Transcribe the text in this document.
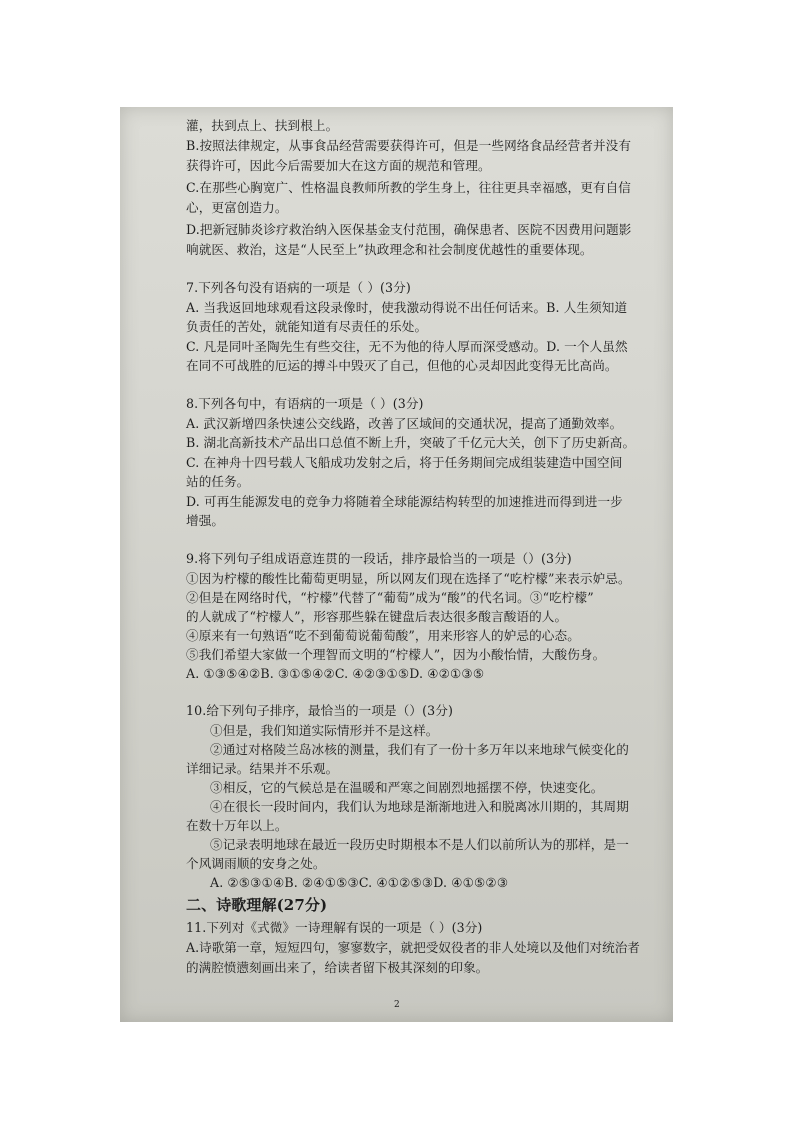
灌，扶到点上、扶到根上。
B.按照法律规定，从事食品经营需要获得许可，但是一些网络食品经营者并没有
获得许可，因此今后需要加大在这方面的规范和管理。
C.在那些心胸宽广、性格温良教师所教的学生身上，往往更具幸福感，更有自信
心，更富创造力。
D.把新冠肺炎诊疗救治纳入医保基金支付范围，确保患者、医院不因费用问题影
响就医、救治，这是“人民至上”执政理念和社会制度优越性的重要体现。
7.下列各句没有语病的一项是（ ）(3分)
A. 当我返回地球观看这段录像时，使我激动得说不出任何话来。B. 人生须知道
负责任的苦处，就能知道有尽责任的乐处。
C. 凡是同叶圣陶先生有些交往，无不为他的待人厚而深受感动。D. 一个人虽然
在同不可战胜的厄运的搏斗中毁灭了自己，但他的心灵却因此变得无比高尚。
8.下列各句中，有语病的一项是（ ）(3分)
A. 武汉新增四条快速公交线路，改善了区域间的交通状况，提高了通勤效率。
B. 湖北高新技术产品出口总值不断上升，突破了千亿元大关，创下了历史新高。
C. 在神舟十四号载人飞船成功发射之后，将于任务期间完成组装建造中国空间
站的任务。
D. 可再生能源发电的竞争力将随着全球能源结构转型的加速推进而得到进一步
增强。
9.将下列句子组成语意连贯的一段话，排序最恰当的一项是（）(3分)
①因为柠檬的酸性比葡萄更明显，所以网友们现在选择了“吃柠檬”来表示妒忌。
②但是在网络时代，“柠檬”代替了“葡萄”成为“酸”的代名词。③“吃柠檬”
的人就成了“柠檬人”，形容那些躲在键盘后表达很多酸言酸语的人。
④原来有一句熟语“吃不到葡萄说葡萄酸”，用来形容人的妒忌的心态。
⑤我们希望大家做一个理智而文明的“柠檬人”，因为小酸怡情，大酸伤身。
A. ①③⑤④②B. ③①⑤④②C. ④②③①⑤D. ④②①③⑤
10.给下列句子排序，最恰当的一项是（）(3分)
①但是，我们知道实际情形并不是这样。
②通过对格陵兰岛冰核的测量，我们有了一份十多万年以来地球气候变化的
详细记录。结果并不乐观。
③相反，它的气候总是在温暖和严寒之间剧烈地摇摆不停，快速变化。
④在很长一段时间内，我们认为地球是渐渐地进入和脱离冰川期的，其周期
在数十万年以上。
⑤记录表明地球在最近一段历史时期根本不是人们以前所认为的那样，是一
个风调雨顺的安身之处。
A. ②⑤③①④B. ②④①⑤③C. ④①②⑤③D. ④①⑤②③
二、诗歌理解(27分)
11.下列对《式微》一诗理解有误的一项是（ ）(3分)
A.诗歌第一章，短短四句，寥寥数字，就把受奴役者的非人处境以及他们对统治者
的满腔愤懑刻画出来了，给读者留下极其深刻的印象。
2
